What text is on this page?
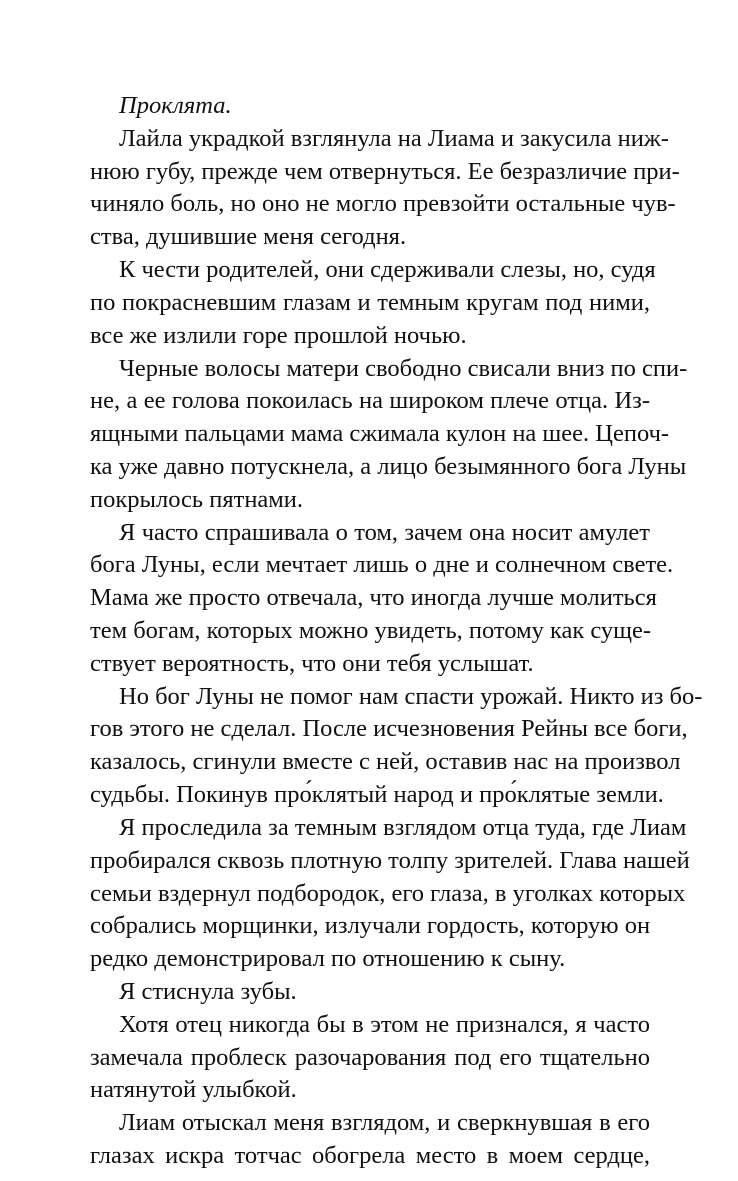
Проклята.
Лайла украдкой взглянула на Лиама и закусила ниж-
нюю губу, прежде чем отвернуться. Ее безразличие при-
чиняло боль, но оно не могло превзойти остальные чув-
ства, душившие меня сегодня.
К чести родителей, они сдерживали слезы, но, судя
по покрасневшим глазам и темным кругам под ними,
все же излили горе прошлой ночью.
Черные волосы матери свободно свисали вниз по спи-
не, а ее голова покоилась на широком плече отца. Из-
ящными пальцами мама сжимала кулон на шее. Цепоч-
ка уже давно потускнела, а лицо безымянного бога Луны
покрылось пятнами.
Я часто спрашивала о том, зачем она носит амулет
бога Луны, если мечтает лишь о дне и солнечном свете.
Мама же просто отвечала, что иногда лучше молиться
тем богам, которых можно увидеть, потому как суще-
ствует вероятность, что они тебя услышат.
Но бог Луны не помог нам спасти урожай. Никто из бо-
гов этого не сделал. После исчезновения Рейны все боги,
казалось, сгинули вместе с ней, оставив нас на произвол
судьбы. Покинув про́клятый народ и про́клятые земли.
Я проследила за темным взглядом отца туда, где Лиам
пробирался сквозь плотную толпу зрителей. Глава нашей
семьи вздернул подбородок, его глаза, в уголках которых
собрались морщинки, излучали гордость, которую он
редко демонстрировал по отношению к сыну.
Я стиснула зубы.
Хотя отец никогда бы в этом не признался, я часто
замечала проблеск разочарования под его тщательно
натянутой улыбкой.
Лиам отыскал меня взглядом, и сверкнувшая в его
глазах искра тотчас обогрела место в моем сердце,
